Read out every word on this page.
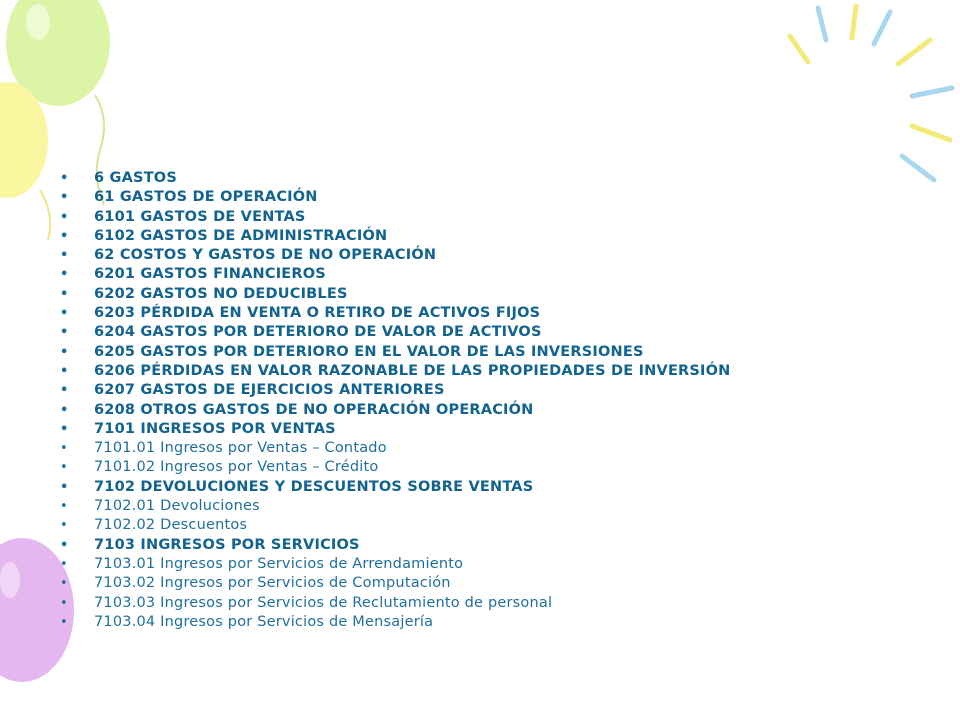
• 6 GASTOS
• 61 GASTOS DE OPERACIÓN
• 6101 GASTOS DE VENTAS
• 6102 GASTOS DE ADMINISTRACIÓN
• 62 COSTOS Y GASTOS DE NO OPERACIÓN
• 6201 GASTOS FINANCIEROS
• 6202 GASTOS NO DEDUCIBLES
• 6203 PÉRDIDA EN VENTA O RETIRO DE ACTIVOS FIJOS
• 6204 GASTOS POR DETERIORO DE VALOR DE ACTIVOS
• 6205 GASTOS POR DETERIORO EN EL VALOR DE LAS INVERSIONES
• 6206 PÉRDIDAS EN VALOR RAZONABLE DE LAS PROPIEDADES DE INVERSIÓN
• 6207 GASTOS DE EJERCICIOS ANTERIORES
• 6208 OTROS GASTOS DE NO OPERACIÓN OPERACIÓN
• 7101 INGRESOS POR VENTAS
• 7101.01 Ingresos por Ventas – Contado
• 7101.02 Ingresos por Ventas – Crédito
• 7102 DEVOLUCIONES Y DESCUENTOS SOBRE VENTAS
• 7102.01 Devoluciones
• 7102.02 Descuentos
• 7103 INGRESOS POR SERVICIOS
• 7103.01 Ingresos por Servicios de Arrendamiento
• 7103.02 Ingresos por Servicios de Computación
• 7103.03 Ingresos por Servicios de Reclutamiento de personal
• 7103.04 Ingresos por Servicios de Mensajería
